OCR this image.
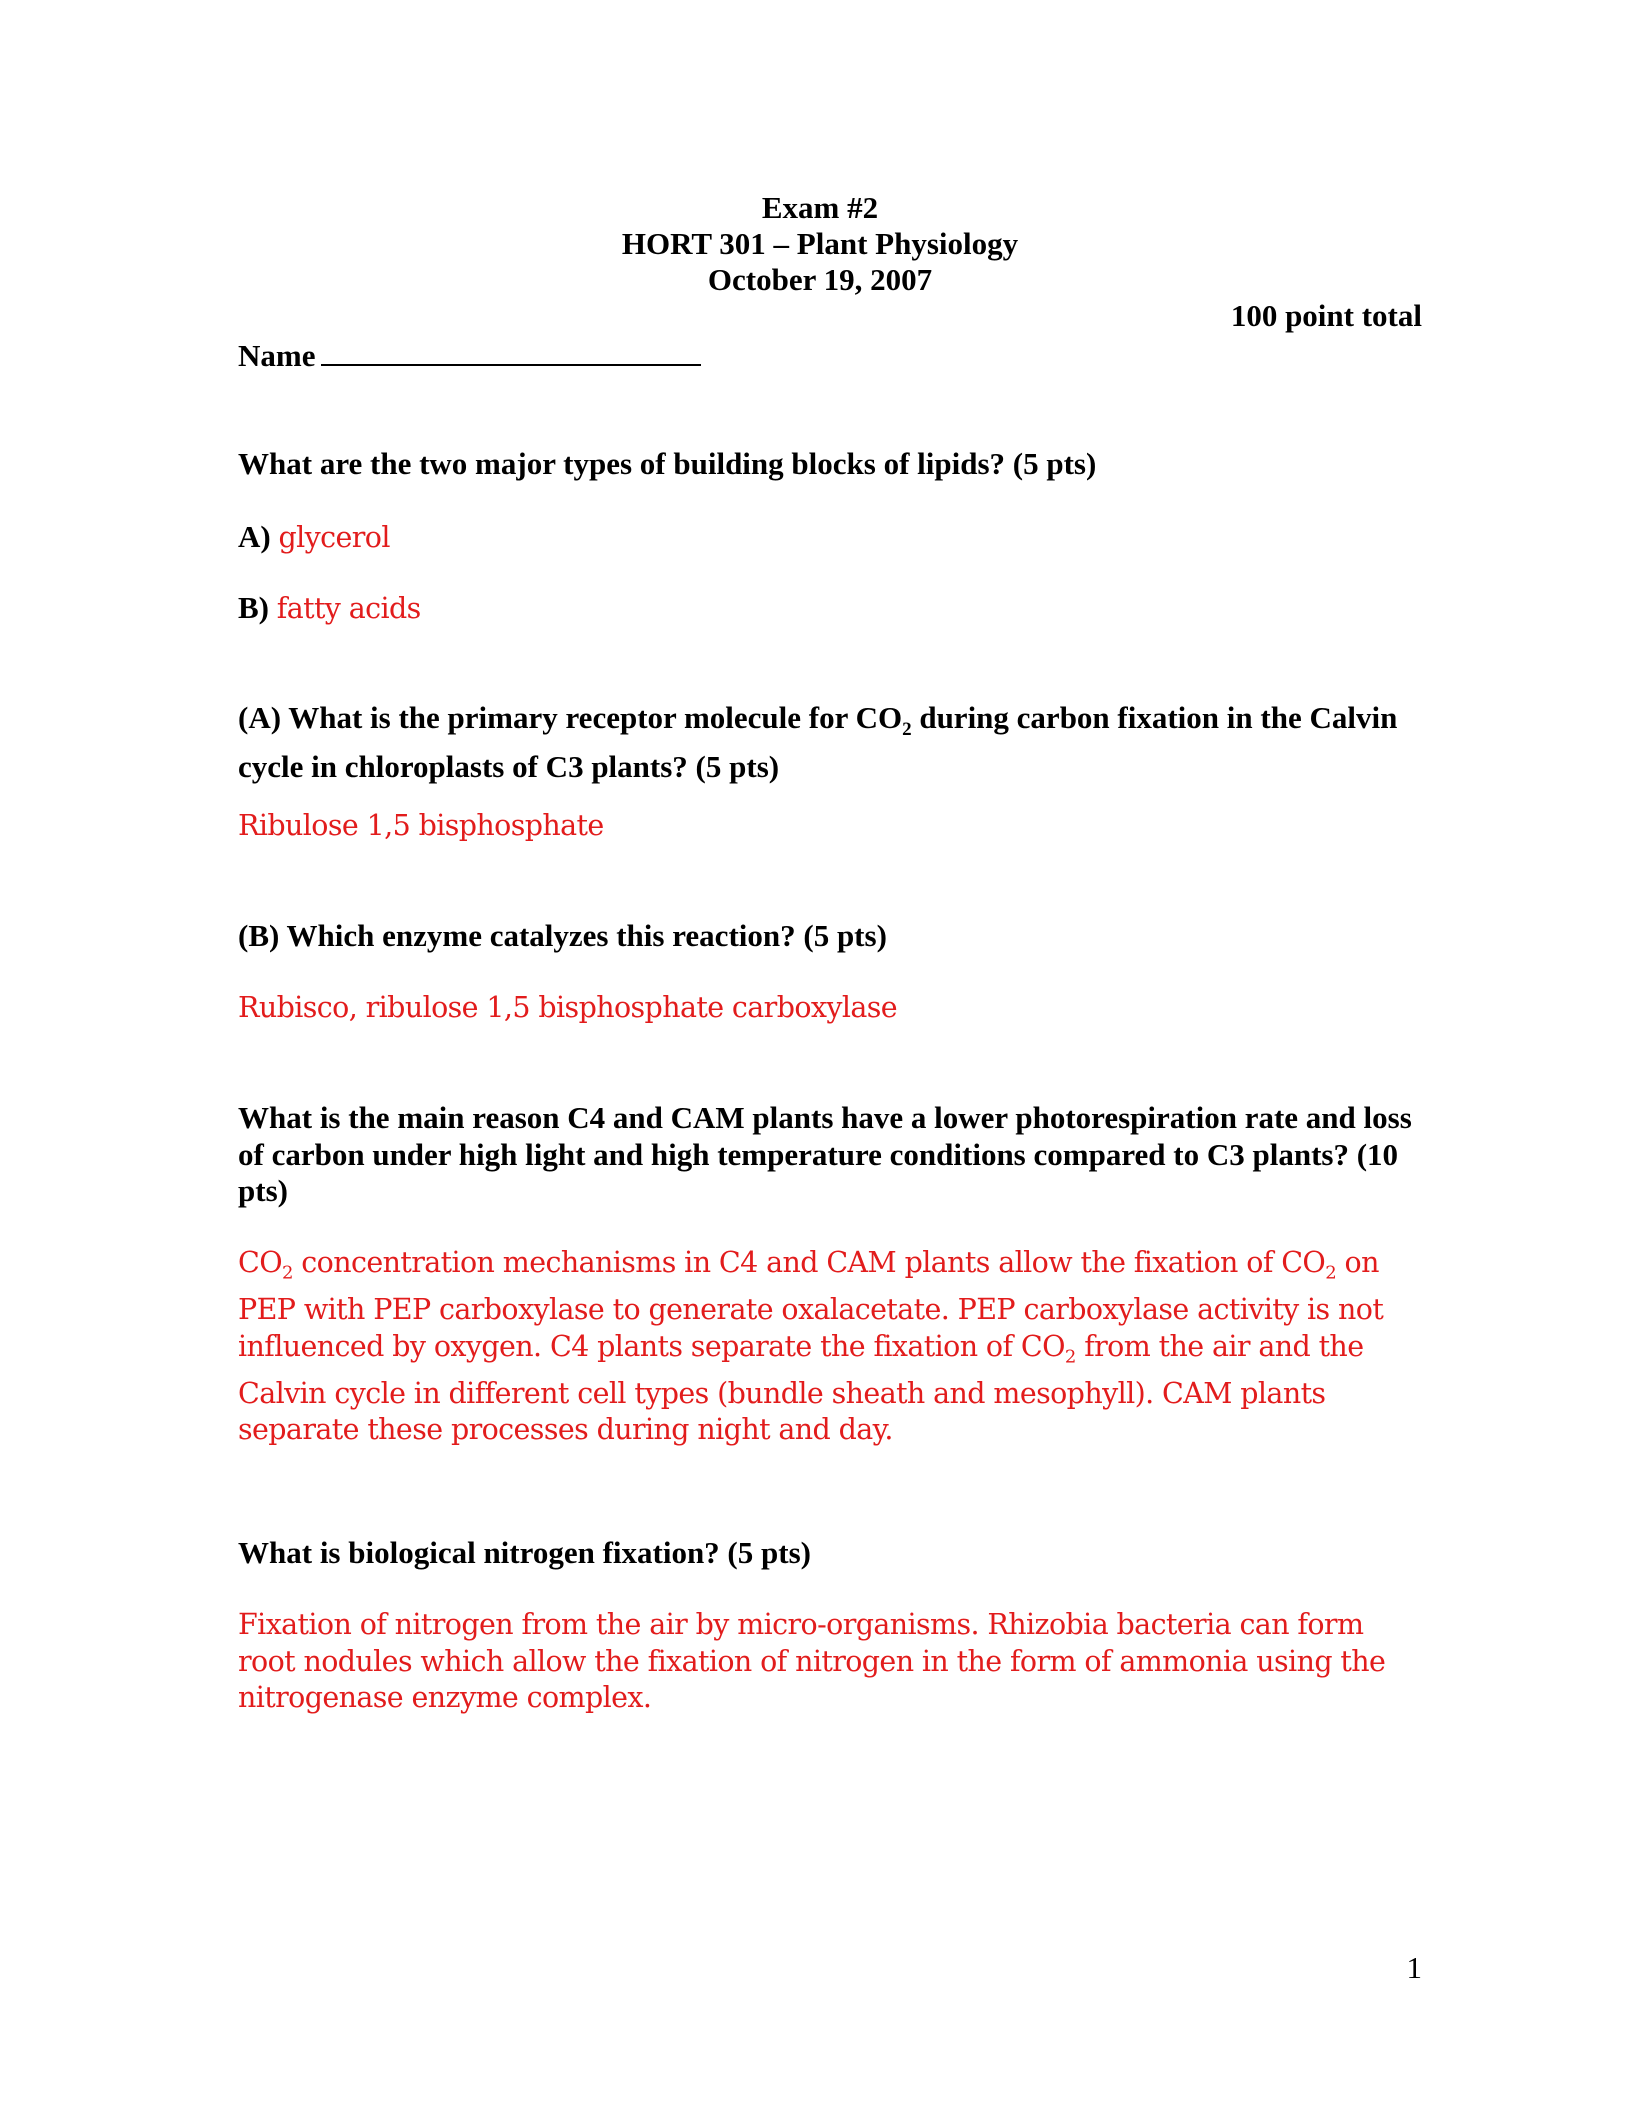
Exam #2
HORT 301 – Plant Physiology
October 19, 2007
100 point total
Name
What are the two major types of building blocks of lipids? (5 pts)
A) glycerol
B) fatty acids
(A) What is the primary receptor molecule for $CO_2$ during carbon fixation in the Calvin cycle in chloroplasts of C3 plants? (5 pts)
Ribulose 1,5 bisphosphate
(B) Which enzyme catalyzes this reaction? (5 pts)
Rubisco, ribulose 1,5 bisphosphate carboxylase
What is the main reason C4 and CAM plants have a lower photorespiration rate and loss of carbon under high light and high temperature conditions compared to C3 plants? (10 pts)
$CO_2$ concentration mechanisms in C4 and CAM plants allow the fixation of $CO_2$ on PEP with PEP carboxylase to generate oxalacetate. PEP carboxylase activity is not influenced by oxygen. C4 plants separate the fixation of $CO_2$ from the air and the Calvin cycle in different cell types (bundle sheath and mesophyll). CAM plants separate these processes during night and day.
What is biological nitrogen fixation? (5 pts)
Fixation of nitrogen from the air by micro-organisms. Rhizobia bacteria can form root nodules which allow the fixation of nitrogen in the form of ammonia using the nitrogenase enzyme complex.
1
